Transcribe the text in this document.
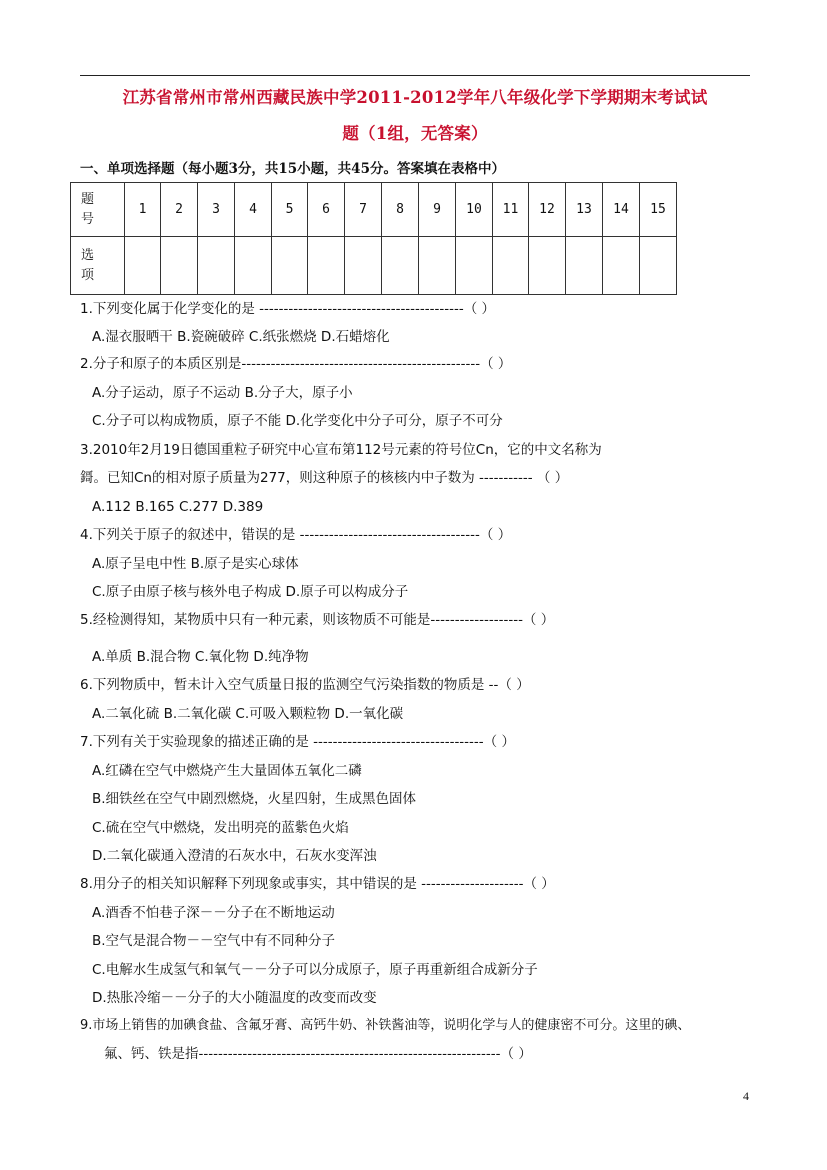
江苏省常州市常州西藏民族中学2011-2012学年八年级化学下学期期末考试试
题（1组，无答案）
一、单项选择题（每小题3分，共15小题，共45分。答案填在表格中）
题
号	1	2	3	4	5	6	7	8	9	10	11	12	13	14	15

选
项															

1.下列变化属于化学变化的是 ------------------------------------------（ ）
A.湿衣服晒干 B.瓷碗破碎 C.纸张燃烧 D.石蜡熔化
2.分子和原子的本质区别是-------------------------------------------------（ ）
A.分子运动，原子不运动 B.分子大，原子小
C.分子可以构成物质，原子不能 D.化学变化中分子可分，原子不可分
3.2010年2月19日德国重粒子研究中心宣布第112号元素的符号位Cn，它的中文名称为
鎶。已知Cn的相对原子质量为277，则这种原子的核核内中子数为 ----------- （ ）
A.112 B.165 C.277 D.389
4.下列关于原子的叙述中，错误的是 -------------------------------------（ ）
A.原子呈电中性 B.原子是实心球体
C.原子由原子核与核外电子构成 D.原子可以构成分子
5.经检测得知，某物质中只有一种元素，则该物质不可能是-------------------（ ）
A.单质 B.混合物 C.氧化物 D.纯净物
6.下列物质中，暂未计入空气质量日报的监测空气污染指数的物质是 --（ ）
A.二氧化硫 B.二氧化碳 C.可吸入颗粒物 D.一氧化碳
7.下列有关于实验现象的描述正确的是 -----------------------------------（ ）
A.红磷在空气中燃烧产生大量固体五氧化二磷
B.细铁丝在空气中剧烈燃烧，火星四射，生成黑色固体
C.硫在空气中燃烧，发出明亮的蓝紫色火焰
D.二氧化碳通入澄清的石灰水中，石灰水变浑浊
8.用分子的相关知识解释下列现象或事实，其中错误的是 ---------------------（ ）
A.酒香不怕巷子深－－分子在不断地运动
B.空气是混合物－－空气中有不同种分子
C.电解水生成氢气和氧气－－分子可以分成原子，原子再重新组合成新分子
D.热胀冷缩－－分子的大小随温度的改变而改变
9.市场上销售的加碘食盐、含氟牙膏、高钙牛奶、补铁酱油等，说明化学与人的健康密不可分。这里的碘、
氟、钙、铁是指--------------------------------------------------------------（ ）
4
